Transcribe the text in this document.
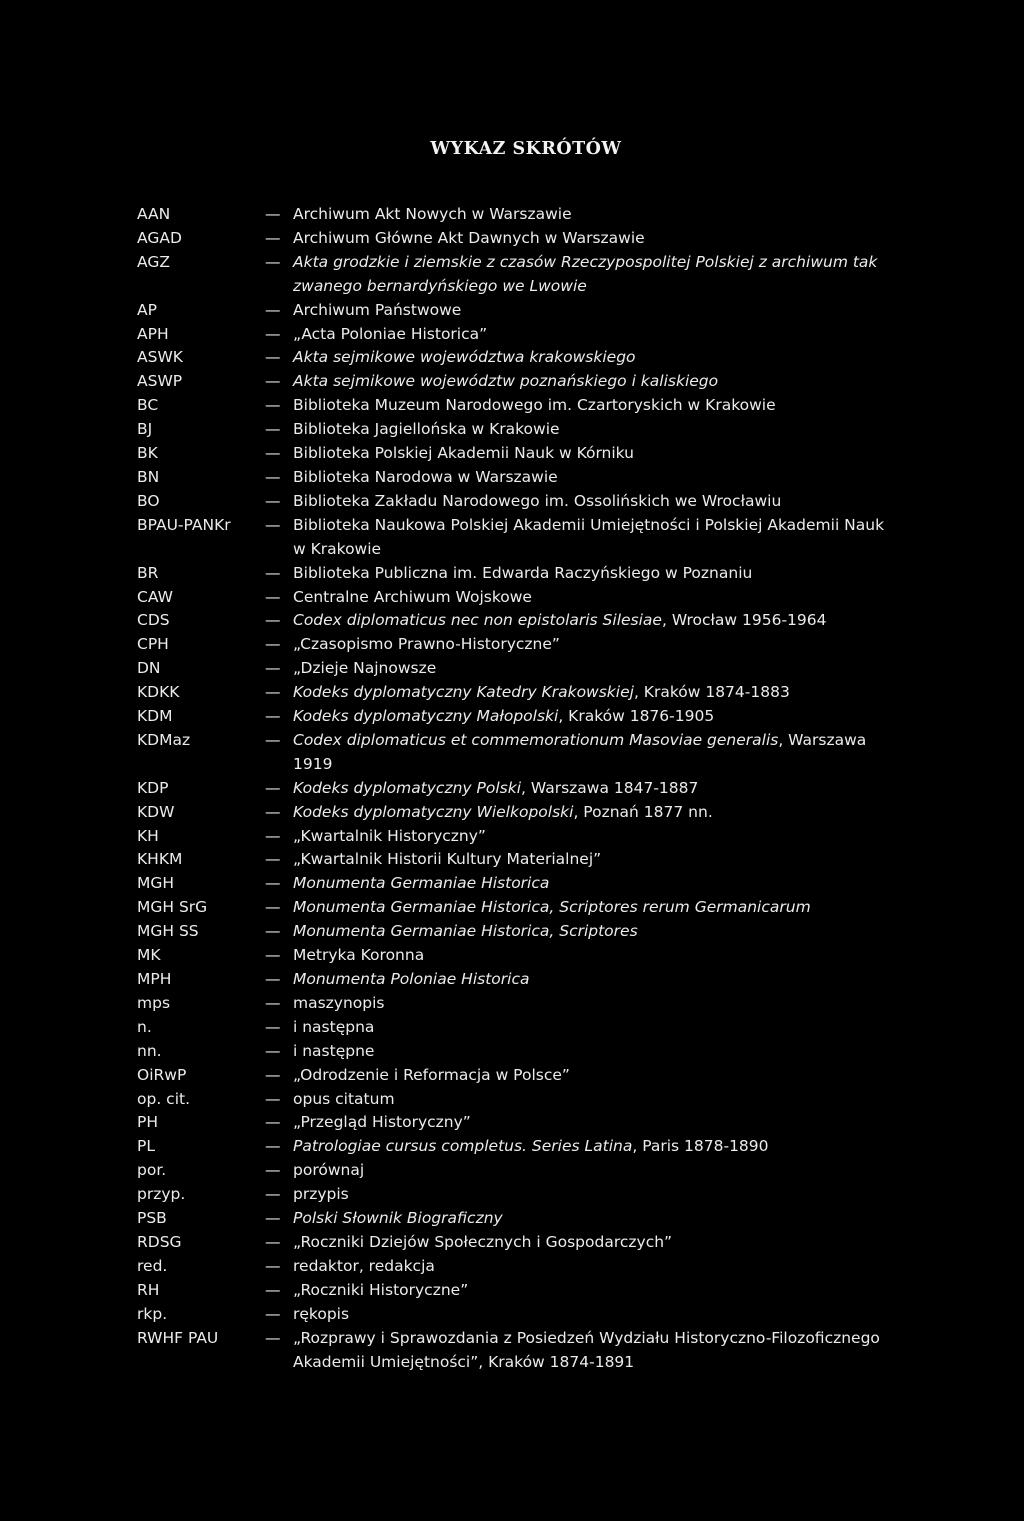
WYKAZ SKRÓTÓW
AAN	— Archiwum Akt Nowych w Warszawie
AGAD	— Archiwum Główne Akt Dawnych w Warszawie
AGZ	— Akta grodzkie i ziemskie z czasów Rzeczypospolitej Polskiej z archiwum tak zwanego bernardyńskiego we Lwowie
AP	— Archiwum Państwowe
APH	— „Acta Poloniae Historica”
ASWK	— Akta sejmikowe województwa krakowskiego
ASWP	— Akta sejmikowe województw poznańskiego i kaliskiego
BC	— Biblioteka Muzeum Narodowego im. Czartoryskich w Krakowie
BJ	— Biblioteka Jagiellońska w Krakowie
BK	— Biblioteka Polskiej Akademii Nauk w Kórniku
BN	— Biblioteka Narodowa w Warszawie
BO	— Biblioteka Zakładu Narodowego im. Ossolińskich we Wrocławiu
BPAU-PANKr	— Biblioteka Naukowa Polskiej Akademii Umiejętności i Polskiej Akademii Nauk w Krakowie
BR	— Biblioteka Publiczna im. Edwarda Raczyńskiego w Poznaniu
CAW	— Centralne Archiwum Wojskowe
CDS	— Codex diplomaticus nec non epistolaris Silesiae, Wrocław 1956-1964
CPH	— „Czasopismo Prawno-Historyczne”
DN	— „Dzieje Najnowsze
KDKK	— Kodeks dyplomatyczny Katedry Krakowskiej, Kraków 1874-1883
KDM	— Kodeks dyplomatyczny Małopolski, Kraków 1876-1905
KDMaz	— Codex diplomaticus et commemorationum Masoviae generalis, Warszawa 1919
KDP	— Kodeks dyplomatyczny Polski, Warszawa 1847-1887
KDW	— Kodeks dyplomatyczny Wielkopolski, Poznań 1877 nn.
KH	— „Kwartalnik Historyczny”
KHKM	— „Kwartalnik Historii Kultury Materialnej”
MGH	— Monumenta Germaniae Historica
MGH SrG	— Monumenta Germaniae Historica, Scriptores rerum Germanicarum
MGH SS	— Monumenta Germaniae Historica, Scriptores
MK	— Metryka Koronna
MPH	— Monumenta Poloniae Historica
mps	— maszynopis
n.	— i następna
nn.	— i następne
OiRwP	— „Odrodzenie i Reformacja w Polsce”
op. cit.	— opus citatum
PH	— „Przegląd Historyczny”
PL	— Patrologiae cursus completus. Series Latina, Paris 1878-1890
por.	— porównaj
przyp.	— przypis
PSB	— Polski Słownik Biograficzny
RDSG	— „Roczniki Dziejów Społecznych i Gospodarczych”
red.	— redaktor, redakcja
RH	— „Roczniki Historyczne”
rkp.	— rękopis
RWHF PAU	— „Rozprawy i Sprawozdania z Posiedzeń Wydziału Historyczno-Filozoficznego Akademii Umiejętności”, Kraków 1874-1891
